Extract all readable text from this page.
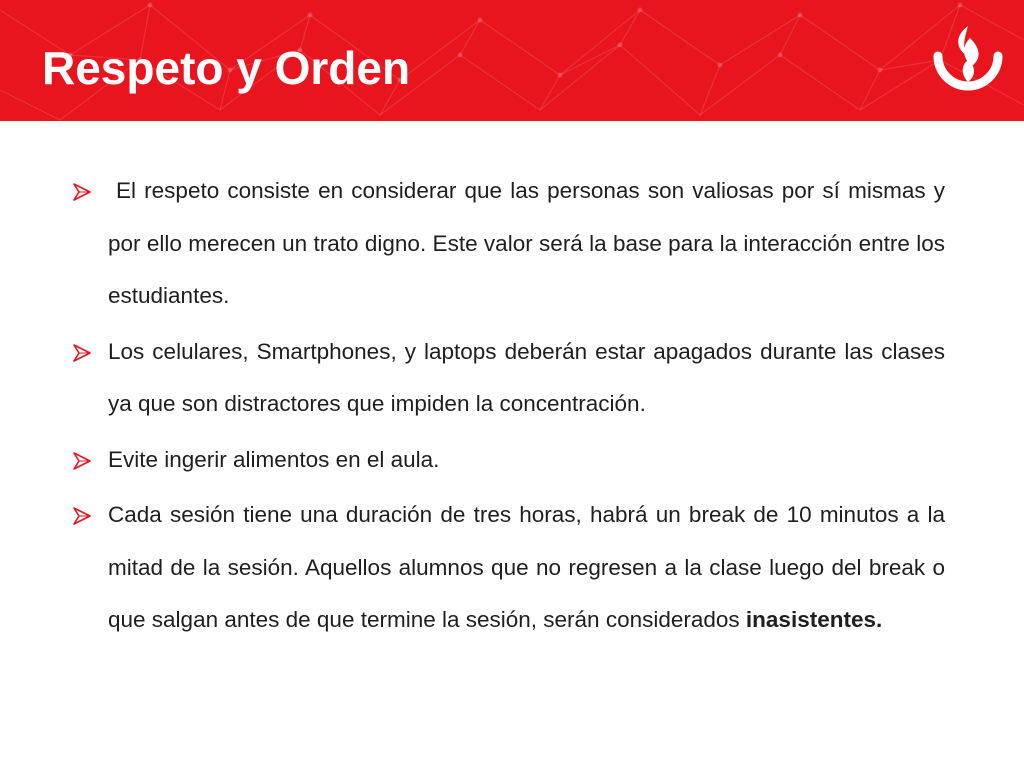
Respeto y Orden
El respeto consiste en considerar que las personas son valiosas por sí mismas y por ello merecen un trato digno. Este valor será la base para la interacción entre los estudiantes.
Los celulares, Smartphones, y laptops deberán estar apagados durante las clases ya que son distractores que impiden la concentración.
Evite ingerir alimentos en el aula.
Cada sesión tiene una duración de tres horas, habrá un break de 10 minutos a la mitad de la sesión. Aquellos alumnos que no regresen a la clase luego del break o que salgan antes de que termine la sesión, serán considerados inasistentes.
